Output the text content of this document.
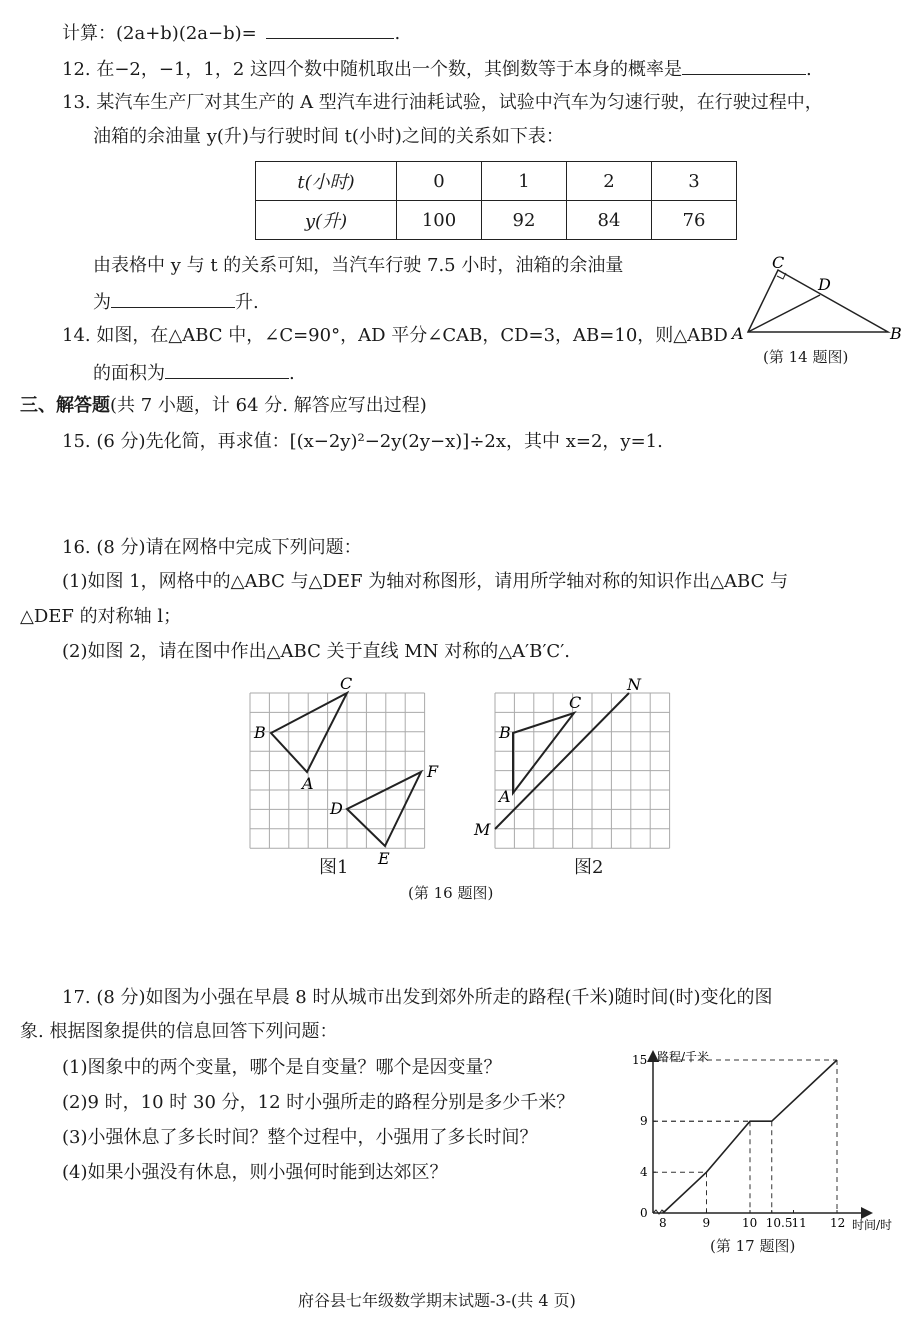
计算：(2a+b)(2a−b)=	.
12. 在−2，−1，1，2 这四个数中随机取出一个数，其倒数等于本身的概率是	.
13. 某汽车生产厂对其生产的 A 型汽车进行油耗试验，试验中汽车为匀速行驶，在行驶过程中，
油箱的余油量 y(升)与行驶时间 t(小时)之间的关系如下表：
t(小时)	0	1	2	3
y(升)	100	92	84	76
由表格中 y 与 t 的关系可知，当汽车行驶 7.5 小时，油箱的余油量
为	升.
14. 如图，在△ABC 中，∠C=90°，AD 平分∠CAB，CD=3，AB=10，则△ABD
的面积为	.
A	B
C
D
(第 14 题图)
三、解答题(共 7 小题，计 64 分. 解答应写出过程)
15. (6 分)先化简，再求值：[(x−2y)²−2y(2y−x)]÷2x，其中 x=2，y=1.
16. (8 分)请在网格中完成下列问题：
(1)如图 1，网格中的△ABC 与△DEF 为轴对称图形，请用所学轴对称的知识作出△ABC 与
△DEF 的对称轴 l；
(2)如图 2，请在图中作出△ABC 关于直线 MN 对称的△A′B′C′.
C
B
A
D
F
E
图1
B
C
A
M
N
图2
(第 16 题图)
17. (8 分)如图为小强在早晨 8 时从城市出发到郊外所走的路程(千米)随时间(时)变化的图
象. 根据图象提供的信息回答下列问题：
(1)图象中的两个变量，哪个是自变量？哪个是因变量？
(2)9 时，10 时 30 分，12 时小强所走的路程分别是多少千米？
(3)小强休息了多长时间？整个过程中，小强用了多长时间？
(4)如果小强没有休息，则小强何时能到达郊区？
路程/千米
时间/时
8	9	10 10.5 11 12
0
4
9
15
(第 17 题图)
府谷县七年级数学期末试题-3-(共 4 页)
